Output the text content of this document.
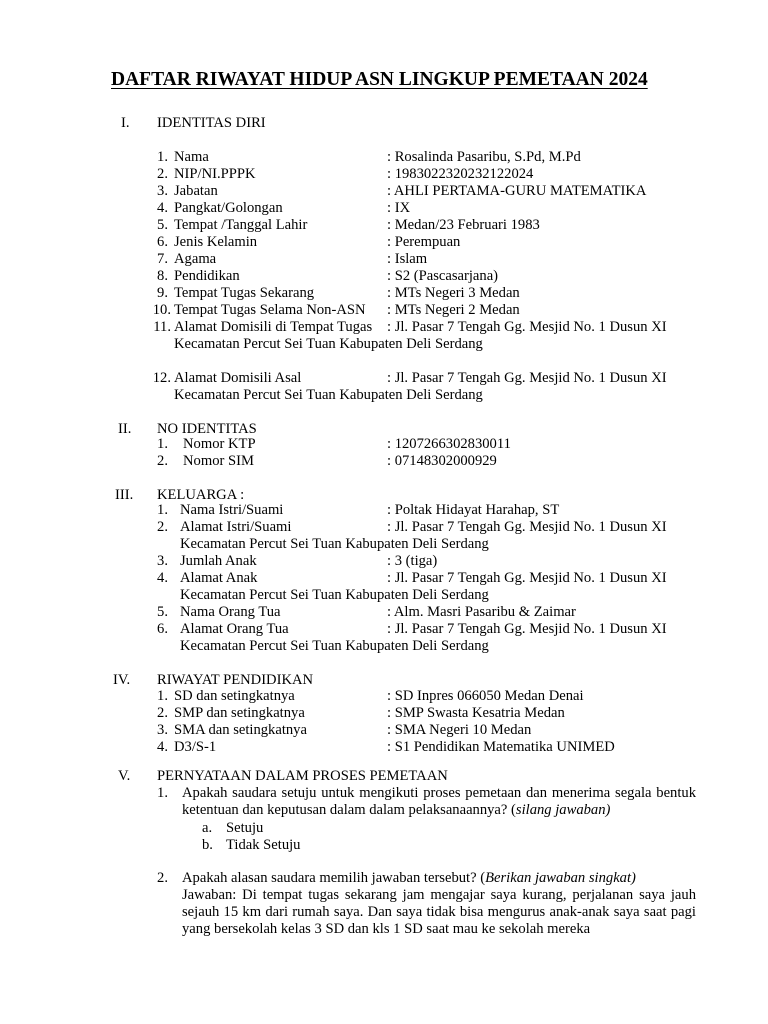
DAFTAR RIWAYAT HIDUP ASN LINGKUP PEMETAAN 2024
I. IDENTITAS DIRI
1. Nama	: Rosalinda Pasaribu, S.Pd, M.Pd
2. NIP/NI.PPPK	: 1983022320232122024
3. Jabatan	: AHLI PERTAMA-GURU MATEMATIKA
4. Pangkat/Golongan	: IX
5. Tempat /Tanggal Lahir	: Medan/23 Februari 1983
6. Jenis Kelamin	: Perempuan
7. Agama	: Islam
8. Pendidikan	: S2 (Pascasarjana)
9. Tempat Tugas Sekarang	: MTs Negeri 3 Medan
10. Tempat Tugas Selama Non-ASN : MTs Negeri 2 Medan
11. Alamat Domisili di Tempat Tugas : Jl. Pasar 7 Tengah Gg. Mesjid No. 1 Dusun XI
Kecamatan Percut Sei Tuan Kabupaten Deli Serdang
12. Alamat Domisili Asal	: Jl. Pasar 7 Tengah Gg. Mesjid No. 1 Dusun XI
Kecamatan Percut Sei Tuan Kabupaten Deli Serdang
II. NO IDENTITAS
1. Nomor KTP	: 1207266302830011
2. Nomor SIM	: 07148302000929
III. KELUARGA :
1. Nama Istri/Suami	: Poltak Hidayat Harahap, ST
2. Alamat Istri/Suami	: Jl. Pasar 7 Tengah Gg. Mesjid No. 1 Dusun XI
Kecamatan Percut Sei Tuan Kabupaten Deli Serdang
3. Jumlah Anak	: 3 (tiga)
4. Alamat Anak	: Jl. Pasar 7 Tengah Gg. Mesjid No. 1 Dusun XI
Kecamatan Percut Sei Tuan Kabupaten Deli Serdang
5. Nama Orang Tua	: Alm. Masri Pasaribu & Zaimar
6. Alamat Orang Tua	: Jl. Pasar 7 Tengah Gg. Mesjid No. 1 Dusun XI
Kecamatan Percut Sei Tuan Kabupaten Deli Serdang
IV. RIWAYAT PENDIDIKAN
1. SD dan setingkatnya	: SD Inpres 066050 Medan Denai
2. SMP dan setingkatnya	: SMP Swasta Kesatria Medan
3. SMA dan setingkatnya	: SMA Negeri 10 Medan
4. D3/S-1	: S1 Pendidikan Matematika UNIMED
V. PERNYATAAN DALAM PROSES PEMETAAN
1. Apakah saudara setuju untuk mengikuti proses pemetaan dan menerima segala bentuk ketentuan dan keputusan dalam dalam pelaksanaannya? (silang jawaban)
a. Setuju
b. Tidak Setuju
2. Apakah alasan saudara memilih jawaban tersebut? (Berikan jawaban singkat)
Jawaban: Di tempat tugas sekarang jam mengajar saya kurang, perjalanan saya jauh sejauh 15 km dari rumah saya. Dan saya tidak bisa mengurus anak-anak saya saat pagi yang bersekolah kelas 3 SD dan kls 1 SD saat mau ke sekolah mereka
